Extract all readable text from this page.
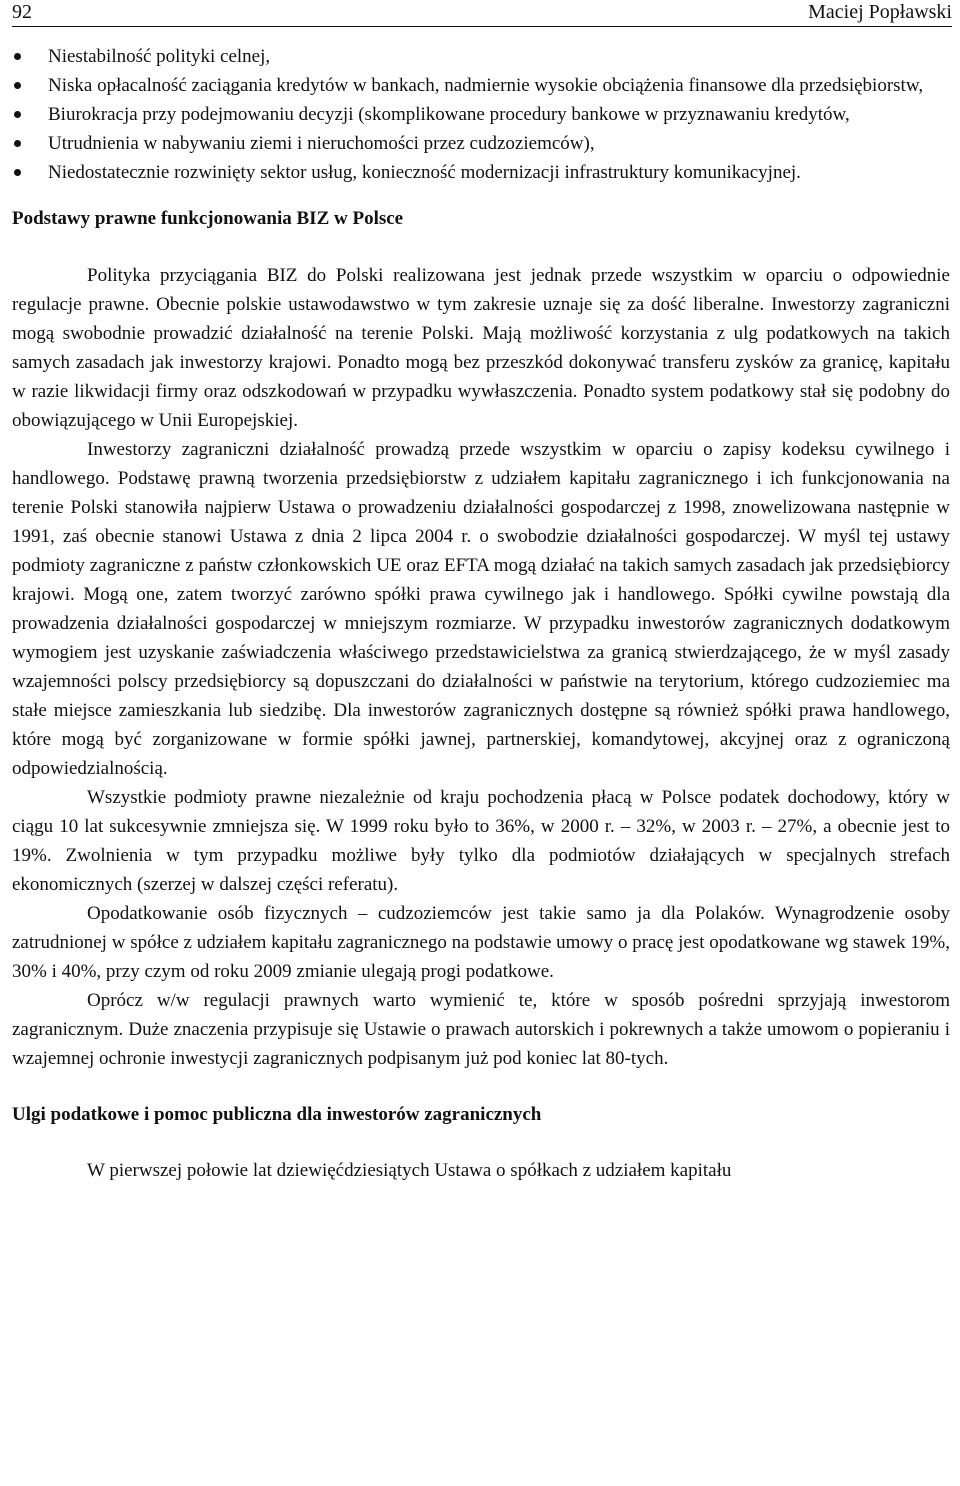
92	Maciej Popławski
Niestabilność polityki celnej,
Niska opłacalność zaciągania kredytów w bankach, nadmiernie wysokie obciążenia finansowe dla przedsiębiorstw,
Biurokracja przy podejmowaniu decyzji (skomplikowane procedury bankowe w przyznawaniu kredytów,
Utrudnienia w nabywaniu ziemi i nieruchomości przez cudzoziemców),
Niedostatecznie rozwinięty sektor usług, konieczność modernizacji infrastruktury komunikacyjnej.
Podstawy prawne funkcjonowania BIZ w Polsce

Polityka przyciągania BIZ do Polski realizowana jest jednak przede wszystkim w oparciu o odpowiednie regulacje prawne. Obecnie polskie ustawodawstwo w tym zakresie uznaje się za dość liberalne. Inwestorzy zagraniczni mogą swobodnie prowadzić działalność na terenie Polski. Mają możliwość korzystania z ulg podatkowych na takich samych zasadach jak inwestorzy krajowi. Ponadto mogą bez przeszkód dokonywać transferu zysków za granicę, kapitału w razie likwidacji firmy oraz odszkodowań w przypadku wywłaszczenia. Ponadto system podatkowy stał się podobny do obowiązującego w Unii Europejskiej.

Inwestorzy zagraniczni działalność prowadzą przede wszystkim w oparciu o zapisy kodeksu cywilnego i handlowego. Podstawę prawną tworzenia przedsiębiorstw z udziałem kapitału zagranicznego i ich funkcjonowania na terenie Polski stanowiła najpierw Ustawa o prowadzeniu działalności gospodarczej z 1998, znowelizowana następnie w 1991, zaś obecnie stanowi Ustawa z dnia 2 lipca 2004 r. o swobodzie działalności gospodarczej. W myśl tej ustawy podmioty zagraniczne z państw członkowskich UE oraz EFTA mogą działać na takich samych zasadach jak przedsiębiorcy krajowi. Mogą one, zatem tworzyć zarówno spółki prawa cywilnego jak i handlowego. Spółki cywilne powstają dla prowadzenia działalności gospodarczej w mniejszym rozmiarze. W przypadku inwestorów zagranicznych dodatkowym wymogiem jest uzyskanie zaświadczenia właściwego przedstawicielstwa za granicą stwierdzającego, że w myśl zasady wzajemności polscy przedsiębiorcy są dopuszczani do działalności w państwie na terytorium, którego cudzoziemiec ma stałe miejsce zamieszkania lub siedzibę. Dla inwestorów zagranicznych dostępne są również spółki prawa handlowego, które mogą być zorganizowane w formie spółki jawnej, partnerskiej, komandytowej, akcyjnej oraz z ograniczoną odpowiedzialnością.

Wszystkie podmioty prawne niezależnie od kraju pochodzenia płacą w Polsce podatek dochodowy, który w ciągu 10 lat sukcesywnie zmniejsza się. W 1999 roku było to 36%, w 2000 r. – 32%, w 2003 r. – 27%, a obecnie jest to 19%. Zwolnienia w tym przypadku możliwe były tylko dla podmiotów działających w specjalnych strefach ekonomicznych (szerzej w dalszej części referatu).

Opodatkowanie osób fizycznych – cudzoziemców jest takie samo ja dla Polaków. Wynagrodzenie osoby zatrudnionej w spółce z udziałem kapitału zagranicznego na podstawie umowy o pracę jest opodatkowane wg stawek 19%, 30% i 40%, przy czym od roku 2009 zmianie ulegają progi podatkowe.

Oprócz w/w regulacji prawnych warto wymienić te, które w sposób pośredni sprzyjają inwestorom zagranicznym. Duże znaczenia przypisuje się Ustawie o prawach autorskich i pokrewnych a także umowom o popieraniu i wzajemnej ochronie inwestycji zagranicznych podpisanym już pod koniec lat 80-tych.

Ulgi podatkowe i pomoc publiczna dla inwestorów zagranicznych

W pierwszej połowie lat dziewięćdziesiątych Ustawa o spółkach z udziałem kapitału
